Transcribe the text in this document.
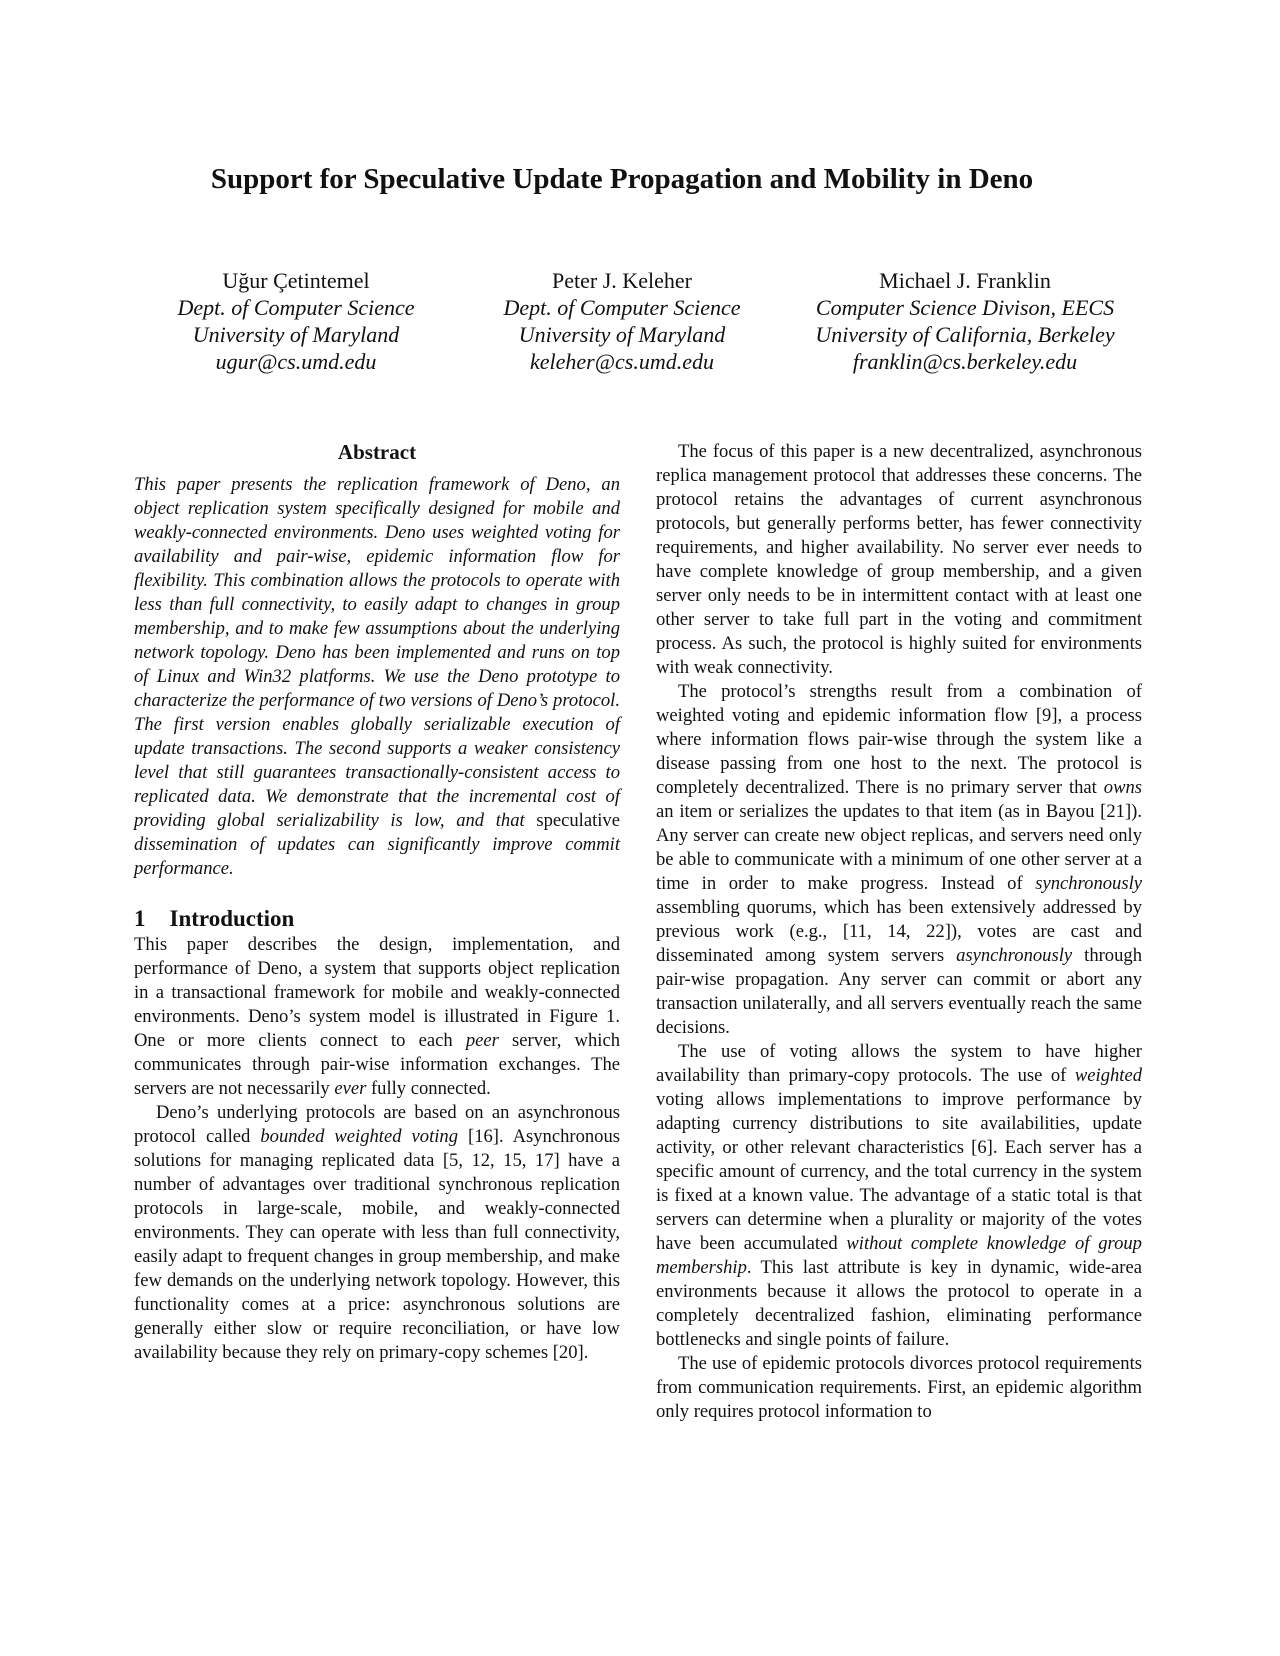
Support for Speculative Update Propagation and Mobility in Deno
Uğur Çetintemel
Dept. of Computer Science
University of Maryland
ugur@cs.umd.edu
Peter J. Keleher
Dept. of Computer Science
University of Maryland
keleher@cs.umd.edu
Michael J. Franklin
Computer Science Divison, EECS
University of California, Berkeley
franklin@cs.berkeley.edu
Abstract

This paper presents the replication framework of Deno, an object replication system specifically designed for mobile and weakly-connected environments. Deno uses weighted voting for availability and pair-wise, epidemic information flow for flexibility. This combination allows the protocols to operate with less than full connectivity, to easily adapt to changes in group membership, and to make few assumptions about the underlying network topology. Deno has been implemented and runs on top of Linux and Win32 platforms. We use the Deno prototype to characterize the performance of two versions of Deno’s protocol. The first version enables globally serializable execution of update transactions. The second supports a weaker consistency level that still guarantees transactionally-consistent access to replicated data. We demonstrate that the incremental cost of providing global serializability is low, and that speculative dissemination of updates can significantly improve commit performance.

1 Introduction

This paper describes the design, implementation, and performance of Deno, a system that supports object replication in a transactional framework for mobile and weakly-connected environments. Deno’s system model is illustrated in Figure 1. One or more clients connect to each peer server, which communicates through pair-wise information exchanges. The servers are not necessarily ever fully connected.

Deno’s underlying protocols are based on an asynchronous protocol called bounded weighted voting [16]. Asynchronous solutions for managing replicated data [5, 12, 15, 17] have a number of advantages over traditional synchronous replication protocols in large-scale, mobile, and weakly-connected environments. They can operate with less than full connectivity, easily adapt to frequent changes in group membership, and make few demands on the underlying network topology. However, this functionality comes at a price: asynchronous solutions are generally either slow or require reconciliation, or have low availability because they rely on primary-copy schemes [20].

The focus of this paper is a new decentralized, asynchronous replica management protocol that addresses these concerns. The protocol retains the advantages of current asynchronous protocols, but generally performs better, has fewer connectivity requirements, and higher availability. No server ever needs to have complete knowledge of group membership, and a given server only needs to be in intermittent contact with at least one other server to take full part in the voting and commitment process. As such, the protocol is highly suited for environments with weak connectivity.

The protocol’s strengths result from a combination of weighted voting and epidemic information flow [9], a process where information flows pair-wise through the system like a disease passing from one host to the next. The protocol is completely decentralized. There is no primary server that owns an item or serializes the updates to that item (as in Bayou [21]). Any server can create new object replicas, and servers need only be able to communicate with a minimum of one other server at a time in order to make progress. Instead of synchronously assembling quorums, which has been extensively addressed by previous work (e.g., [11, 14, 22]), votes are cast and disseminated among system servers asynchronously through pair-wise propagation. Any server can commit or abort any transaction unilaterally, and all servers eventually reach the same decisions.

The use of voting allows the system to have higher availability than primary-copy protocols. The use of weighted voting allows implementations to improve performance by adapting currency distributions to site availabilities, update activity, or other relevant characteristics [6]. Each server has a specific amount of currency, and the total currency in the system is fixed at a known value. The advantage of a static total is that servers can determine when a plurality or majority of the votes have been accumulated without complete knowledge of group membership. This last attribute is key in dynamic, wide-area environments because it allows the protocol to operate in a completely decentralized fashion, eliminating performance bottlenecks and single points of failure.

The use of epidemic protocols divorces protocol requirements from communication requirements. First, an epidemic algorithm only requires protocol information to
